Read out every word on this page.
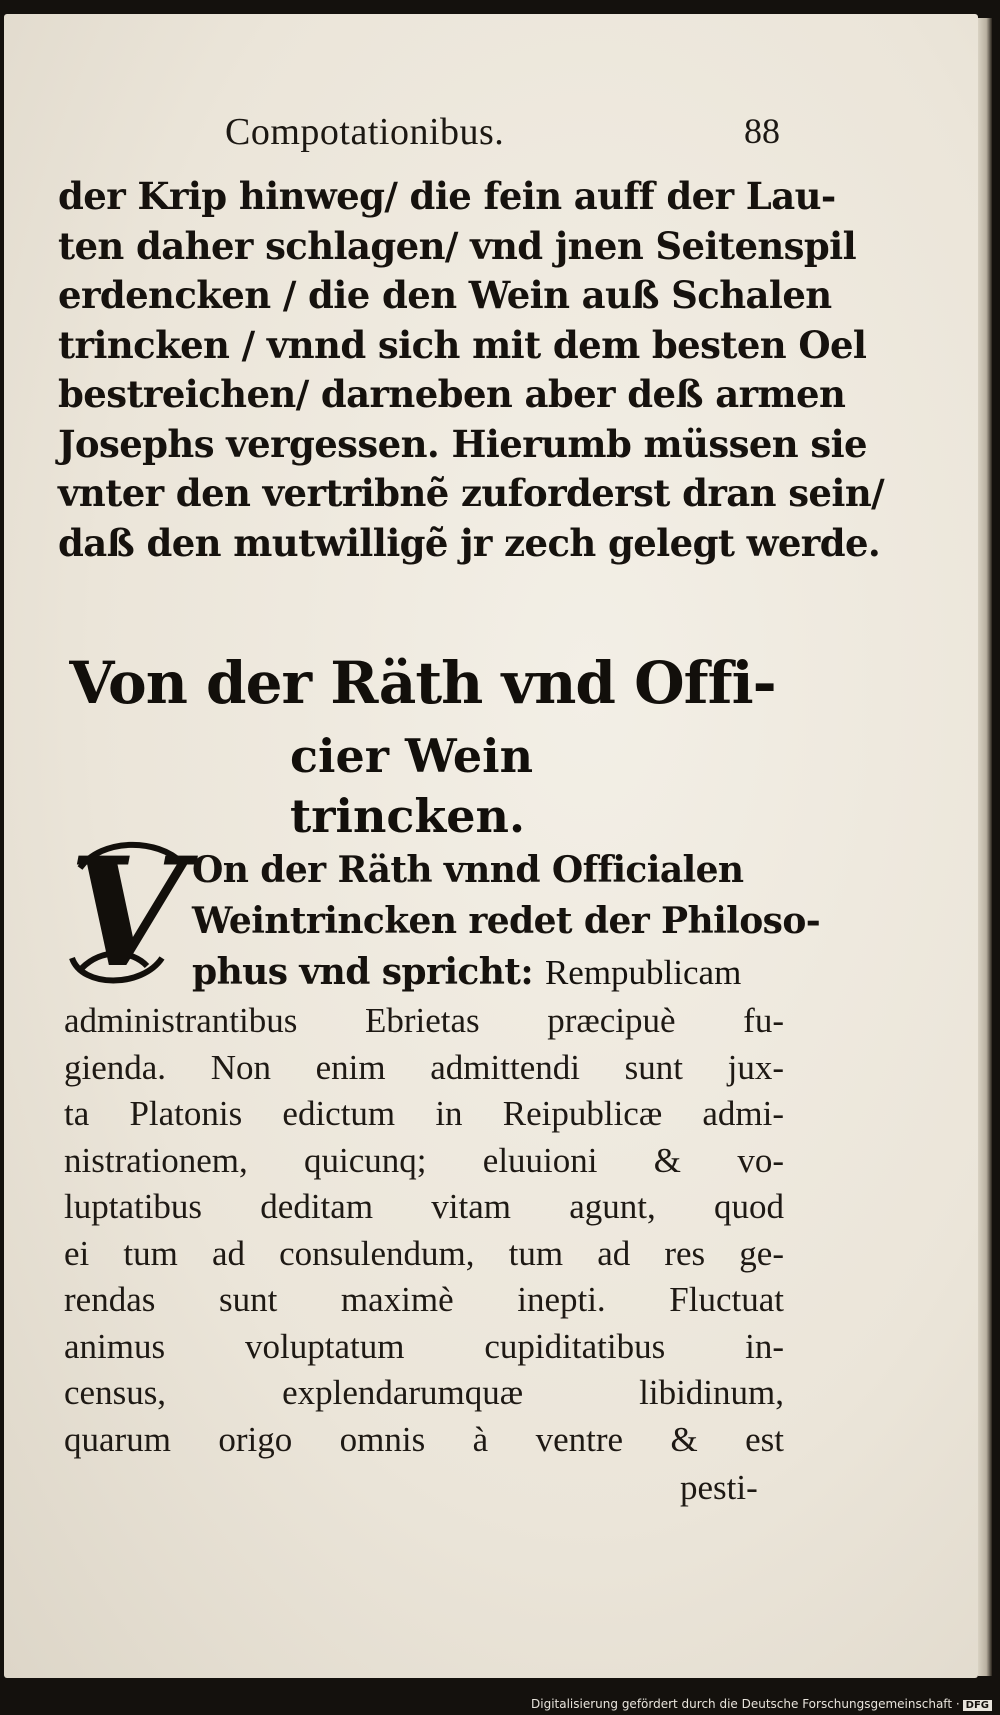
Compotationibus.	88
der Krip hinweg/ die fein auff der Lau-
ten daher schlagen/ vnd jnen Seitenspil
erdencken / die den Wein auß Schalen
trincken / vnnd sich mit dem besten Oel
bestreichen/ darneben aber deß armen
Josephs vergessen. Hierumb müssen sie
vnter den vertribnẽ zuforderst dran sein/
daß den mutwilligẽ jr zech gelegt werde.
Von der Räth vnd Offi-
cier Wein trincken.
V On der Räth vnnd Officialen
Weintrincken redet der Philoso-
phus vnd spricht: Rempublicam
administrantibus Ebrietas præcipuè fu-
gienda. Non enim admittendi sunt jux-
ta Platonis edictum in Reipublicæ admi-
nistrationem, quicunq; eluuioni & vo-
luptatibus deditam vitam agunt, quod
ei tum ad consulendum, tum ad res ge-
rendas sunt maximè inepti. Fluctuat
animus voluptatum cupiditatibus in-
census, explendarumquæ libidinum,
quarum origo omnis à ventre & est
pesti-
Digitalisierung gefördert durch die Deutsche Forschungsgemeinschaft · DFG
